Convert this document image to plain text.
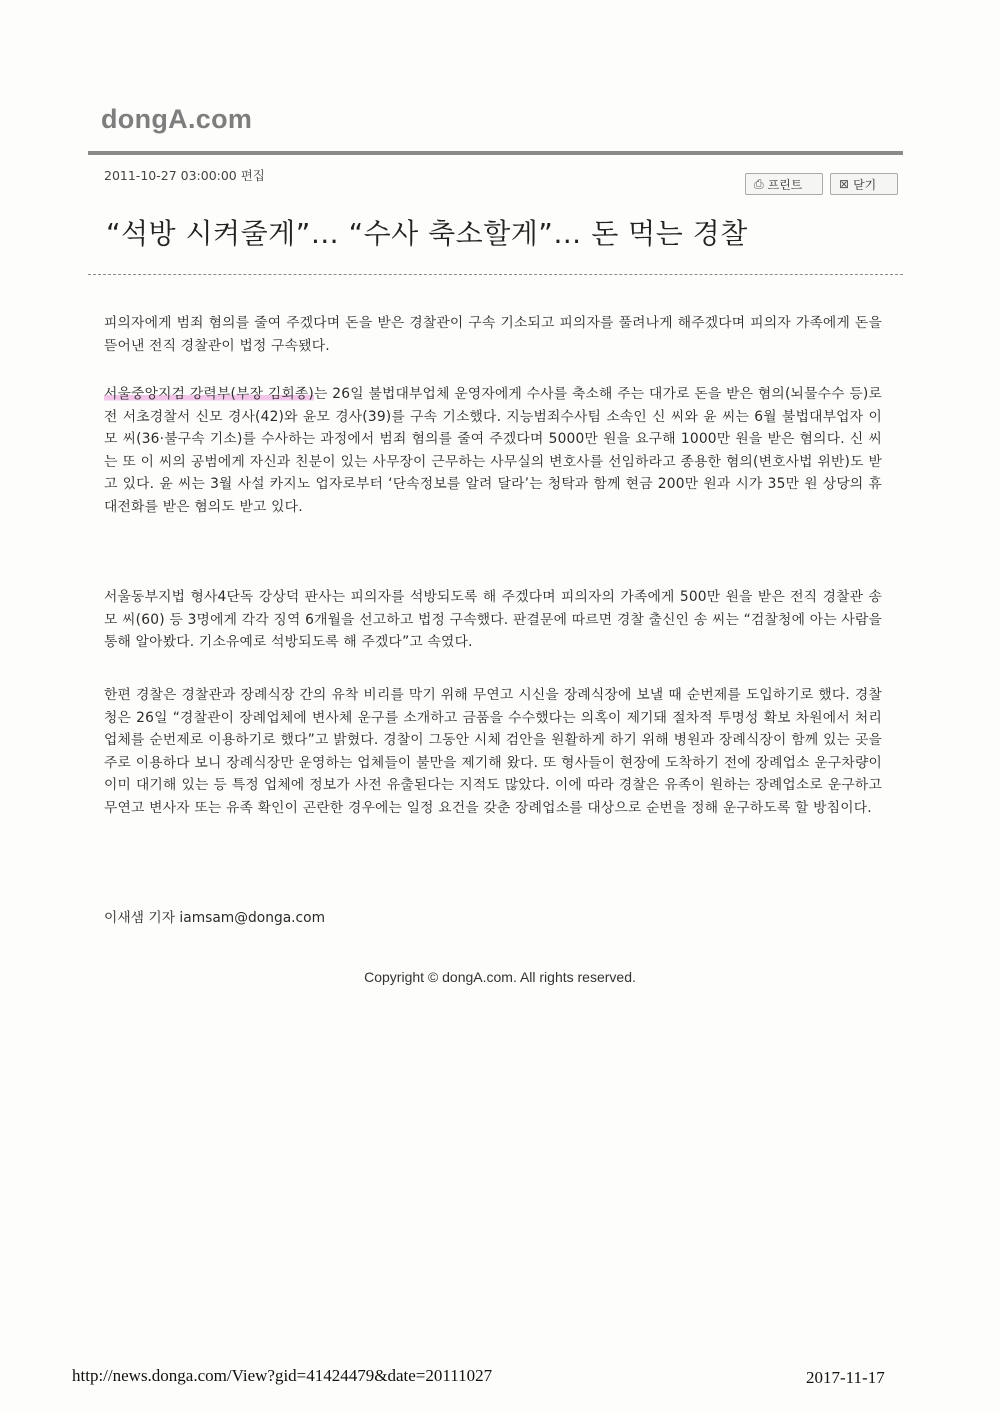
dongA.com
2011-10-27 03:00:00 편집
⎙ 프린트	⊠ 닫기
“석방 시켜줄게”… “수사 축소할게”… 돈 먹는 경찰

피의자에게 범죄 혐의를 줄여 주겠다며 돈을 받은 경찰관이 구속 기소되고 피의자를 풀려나게 해주겠다며 피의자 가족에게 돈을 뜯어낸 전직 경찰관이 법정 구속됐다.

서울중앙지검 강력부(부장 김회종)는 26일 불법대부업체 운영자에게 수사를 축소해 주는 대가로 돈을 받은 혐의(뇌물수수 등)로 전 서초경찰서 신모 경사(42)와 윤모 경사(39)를 구속 기소했다. 지능범죄수사팀 소속인 신 씨와 윤 씨는 6월 불법대부업자 이모 씨(36·불구속 기소)를 수사하는 과정에서 범죄 혐의를 줄여 주겠다며 5000만 원을 요구해 1000만 원을 받은 혐의다. 신 씨는 또 이 씨의 공범에게 자신과 친분이 있는 사무장이 근무하는 사무실의 변호사를 선임하라고 종용한 혐의(변호사법 위반)도 받고 있다. 윤 씨는 3월 사설 카지노 업자로부터 ‘단속정보를 알려 달라’는 청탁과 함께 현금 200만 원과 시가 35만 원 상당의 휴대전화를 받은 혐의도 받고 있다.

서울동부지법 형사4단독 강상덕 판사는 피의자를 석방되도록 해 주겠다며 피의자의 가족에게 500만 원을 받은 전직 경찰관 송모 씨(60) 등 3명에게 각각 징역 6개월을 선고하고 법정 구속했다. 판결문에 따르면 경찰 출신인 송 씨는 “검찰청에 아는 사람을 통해 알아봤다. 기소유예로 석방되도록 해 주겠다”고 속였다.

한편 경찰은 경찰관과 장례식장 간의 유착 비리를 막기 위해 무연고 시신을 장례식장에 보낼 때 순번제를 도입하기로 했다. 경찰청은 26일 “경찰관이 장례업체에 변사체 운구를 소개하고 금품을 수수했다는 의혹이 제기돼 절차적 투명성 확보 차원에서 처리 업체를 순번제로 이용하기로 했다”고 밝혔다. 경찰이 그동안 시체 검안을 원활하게 하기 위해 병원과 장례식장이 함께 있는 곳을 주로 이용하다 보니 장례식장만 운영하는 업체들이 불만을 제기해 왔다. 또 형사들이 현장에 도착하기 전에 장례업소 운구차량이 이미 대기해 있는 등 특정 업체에 정보가 사전 유출된다는 지적도 많았다. 이에 따라 경찰은 유족이 원하는 장례업소로 운구하고 무연고 변사자 또는 유족 확인이 곤란한 경우에는 일정 요건을 갖춘 장례업소를 대상으로 순번을 정해 운구하도록 할 방침이다.

이새샘 기자 iamsam@donga.com
Copyright © dongA.com. All rights reserved.
http://news.donga.com/View?gid=41424479&date=20111027	2017-11-17
